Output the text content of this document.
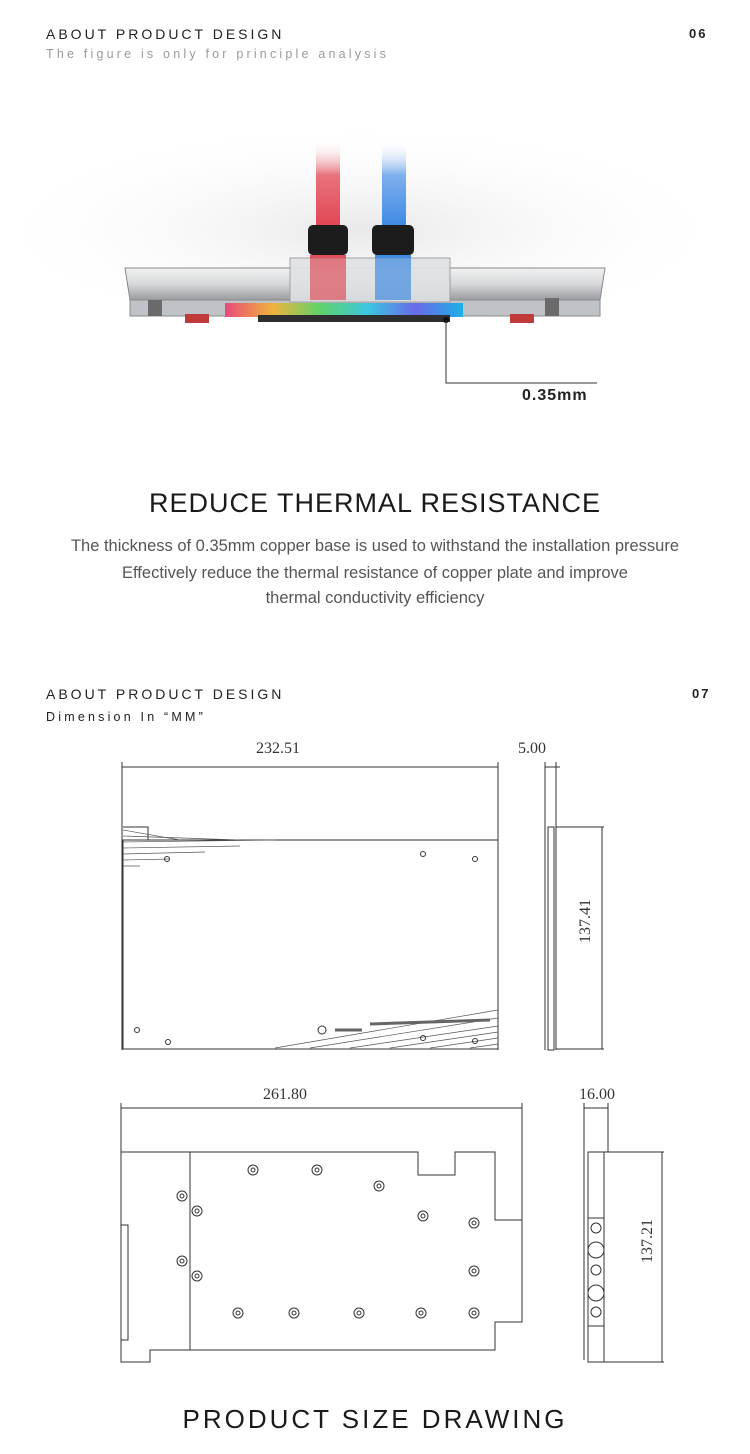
ABOUT PRODUCT DESIGN
The figure is only for principle analysis
06
0.35mm
REDUCE THERMAL RESISTANCE
The thickness of 0.35mm copper base is used to withstand the installation pressure
Effectively reduce the thermal resistance of copper plate and improve
thermal conductivity efficiency
ABOUT PRODUCT DESIGN
Dimension In “MM”
07
232.51	5.00
137.41
261.80	16.00
137.21
PRODUCT SIZE DRAWING
